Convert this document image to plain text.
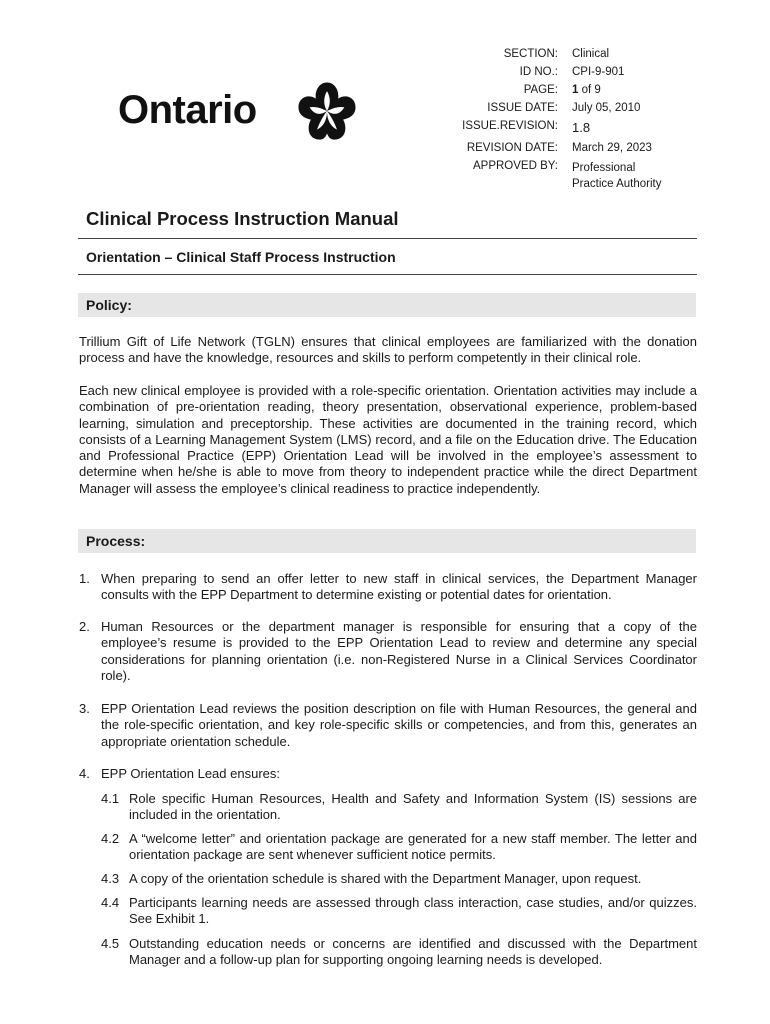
Ontario
SECTION:	Clinical
ID NO.:	CPI-9-901
PAGE:	1 of 9
ISSUE DATE:	July 05, 2010
ISSUE.REVISION:	1.8
REVISION DATE:	March 29, 2023
APPROVED BY:	Professional
Practice Authority
Clinical Process Instruction Manual
Orientation – Clinical Staff Process Instruction
Policy:
Trillium Gift of Life Network (TGLN) ensures that clinical employees are familiarized with the donation process and have the knowledge, resources and skills to perform competently in their clinical role.
Each new clinical employee is provided with a role-specific orientation. Orientation activities may include a combination of pre-orientation reading, theory presentation, observational experience, problem-based learning, simulation and preceptorship. These activities are documented in the training record, which consists of a Learning Management System (LMS) record, and a file on the Education drive. The Education and Professional Practice (EPP) Orientation Lead will be involved in the employee’s assessment to determine when he/she is able to move from theory to independent practice while the direct Department Manager will assess the employee’s clinical readiness to practice independently.
Process:
1. When preparing to send an offer letter to new staff in clinical services, the Department Manager consults with the EPP Department to determine existing or potential dates for orientation.
2. Human Resources or the department manager is responsible for ensuring that a copy of the employee’s resume is provided to the EPP Orientation Lead to review and determine any special considerations for planning orientation (i.e. non-Registered Nurse in a Clinical Services Coordinator role).
3. EPP Orientation Lead reviews the position description on file with Human Resources, the general and the role-specific orientation, and key role-specific skills or competencies, and from this, generates an appropriate orientation schedule.
4. EPP Orientation Lead ensures:
4.1 Role specific Human Resources, Health and Safety and Information System (IS) sessions are included in the orientation.
4.2 A “welcome letter” and orientation package are generated for a new staff member. The letter and orientation package are sent whenever sufficient notice permits.
4.3 A copy of the orientation schedule is shared with the Department Manager, upon request.
4.4 Participants learning needs are assessed through class interaction, case studies, and/or quizzes. See Exhibit 1.
4.5 Outstanding education needs or concerns are identified and discussed with the Department Manager and a follow-up plan for supporting ongoing learning needs is developed.
